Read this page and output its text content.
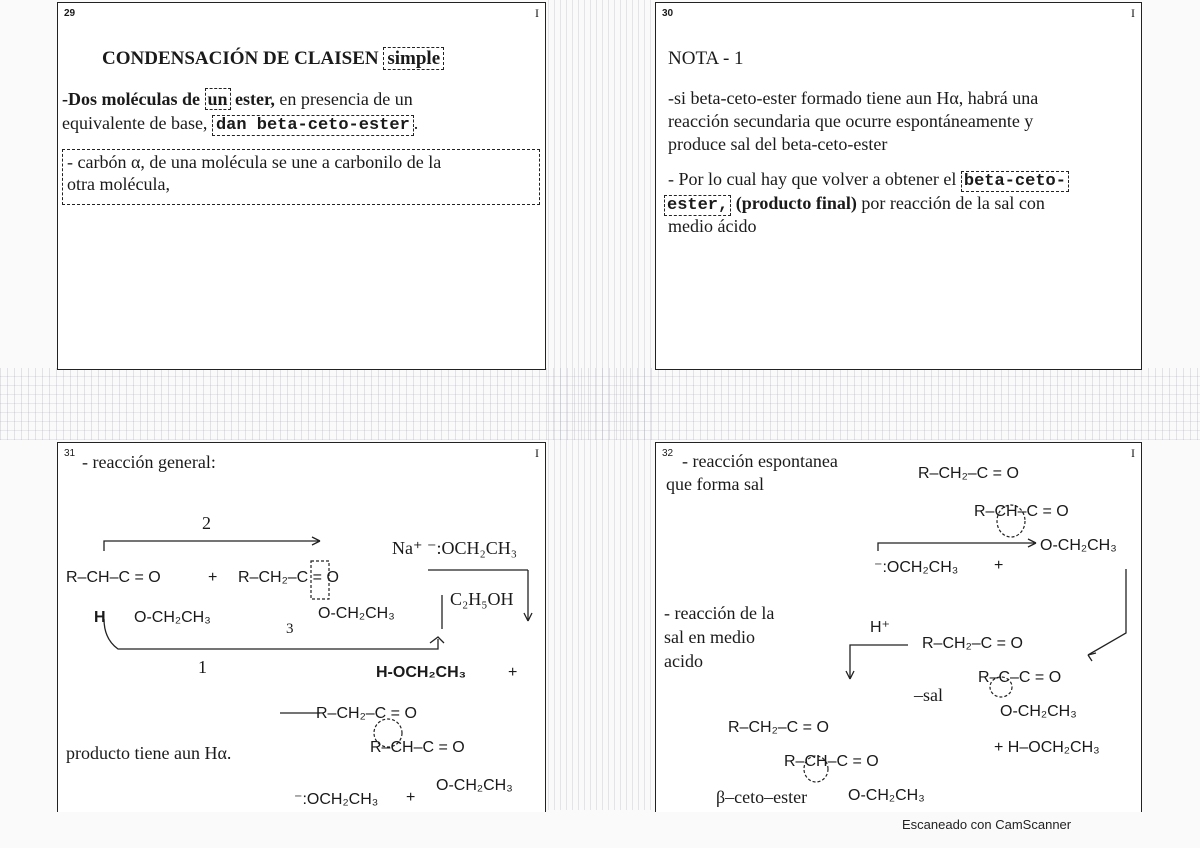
29	I
CONDENSACIÓN DE CLAISEN simple
-Dos moléculas de un ester, en presencia de un
equivalente de base, dan beta-ceto-ester .
- carbón α, de una molécula se une a carbonilo de la
otra molécula,
30	I
NOTA - 1
-si beta-ceto-ester formado tiene aun Hα, habrá una
reacción secundaria que ocurre espontáneamente y
produce sal del beta-ceto-ester
- Por lo cual hay que volver a obtener el beta-ceto-
ester, (producto final) por reacción de la sal con
medio ácido
31	I
- reacción general:
2
1
3
Na⁺ ⁻:OCH₂CH₃
C₂H₅OH
R–CH–C = O
H O-CH₂CH₃
+ R–CH₂–C = O
O-CH₂CH₃
H-OCH₂CH₃	+
R–CH₂–C = O
R–CH–C = O
O-CH₂CH₃
producto tiene aun Hα.
⁻:OCH₂CH₃ +
32	I
- reacción espontanea
que forma sal
R–CH₂–C = O
R–CH–C = O
O-CH₂CH₃
⁻:OCH₂CH₃ +
- reacción de la
sal en medio
acido
H⁺
R–CH₂–C = O
R–C–C = O
–sal
O-CH₂CH₃
+ H–OCH₂CH₃
R–CH₂–C = O
R–CH–C = O
β–ceto–ester	O-CH₂CH₃
Escaneado con CamScanner
